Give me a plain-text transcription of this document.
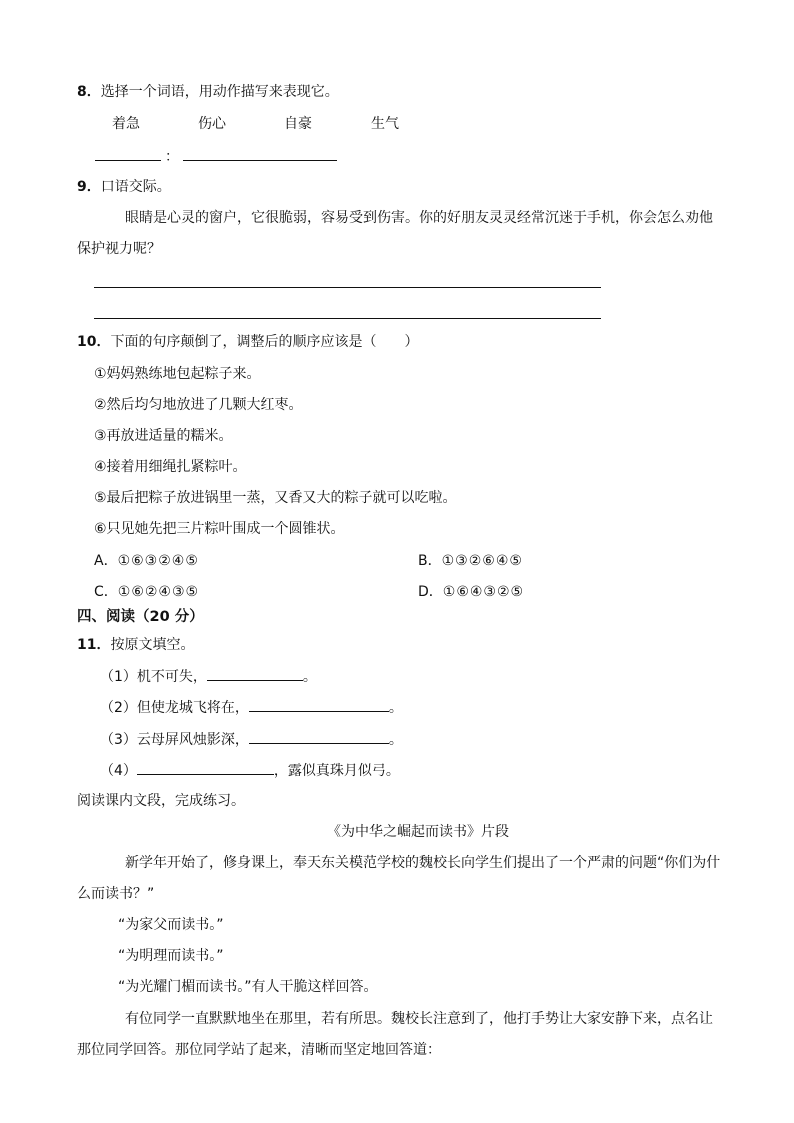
8．选择一个词语，用动作描写来表现它。
着急	伤心	自豪	生气
：
9．口语交际。
眼睛是心灵的窗户，它很脆弱，容易受到伤害。你的好朋友灵灵经常沉迷于手机，你会怎么劝他
保护视力呢？
10．下面的句序颠倒了，调整后的顺序应该是（　　）
①妈妈熟练地包起粽子来。
②然后均匀地放进了几颗大红枣。
③再放进适量的糯米。
④接着用细绳扎紧粽叶。
⑤最后把粽子放进锅里一蒸，又香又大的粽子就可以吃啦。
⑥只见她先把三片粽叶围成一个圆锥状。
A．①⑥③②④⑤	B．①③②⑥④⑤
C．①⑥②④③⑤	D．①⑥④③②⑤
四、阅读（20 分）
11．按原文填空。
（1）机不可失，	。
（2）但使龙城飞将在，	。
（3）云母屏风烛影深，	。
（4）	，露似真珠月似弓。
阅读课内文段，完成练习。
《为中华之崛起而读书》片段
新学年开始了，修身课上，奉天东关模范学校的魏校长向学生们提出了一个严肃的问题“你们为什
么而读书？”
“为家父而读书。”
“为明理而读书。”
“为光耀门楣而读书。”有人干脆这样回答。
有位同学一直默默地坐在那里，若有所思。魏校长注意到了，他打手势让大家安静下来，点名让
那位同学回答。那位同学站了起来，清晰而坚定地回答道：
